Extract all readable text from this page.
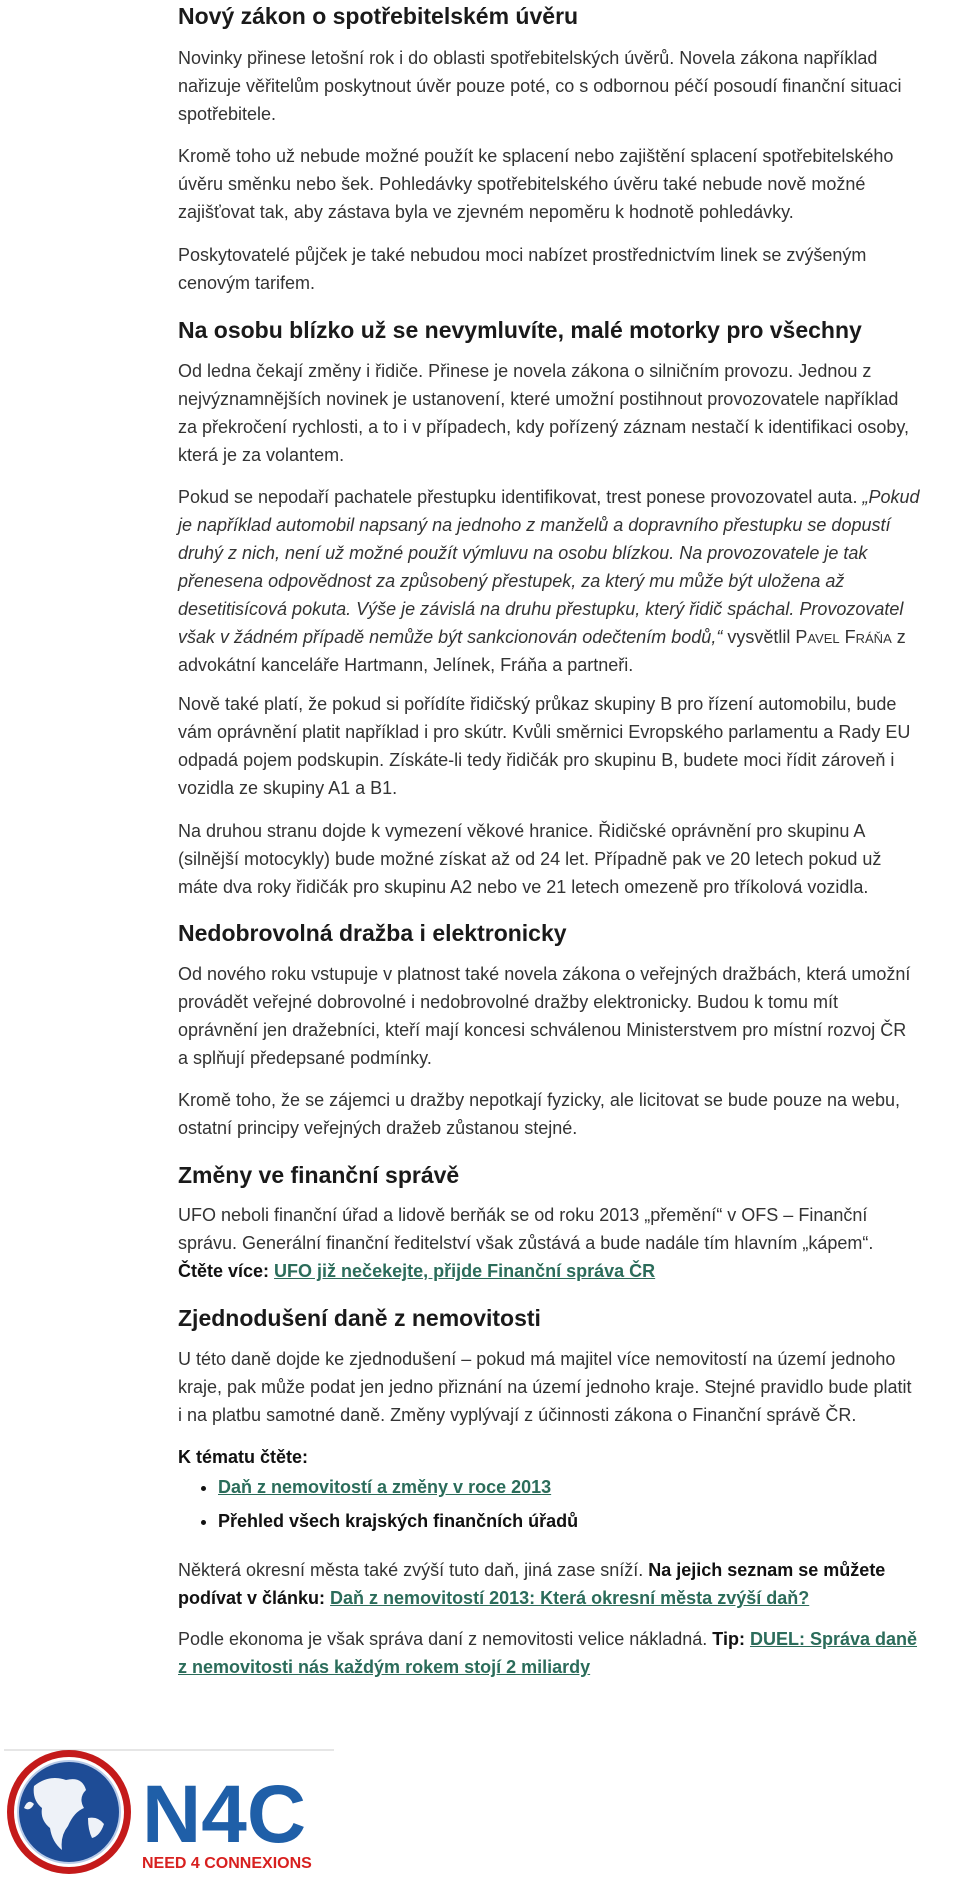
Nový zákon o spotřebitelském úvěru

Novinky přinese letošní rok i do oblasti spotřebitelských úvěrů. Novela zákona například nařizuje věřitelům poskytnout úvěr pouze poté, co s odbornou péčí posoudí finanční situaci spotřebitele.

Kromě toho už nebude možné použít ke splacení nebo zajištění splacení spotřebitelského úvěru směnku nebo šek. Pohledávky spotřebitelského úvěru také nebude nově možné zajišťovat tak, aby zástava byla ve zjevném nepoměru k hodnotě pohledávky.

Poskytovatelé půjček je také nebudou moci nabízet prostřednictvím linek se zvýšeným cenovým tarifem.

Na osobu blízko už se nevymluvíte, malé motorky pro všechny

Od ledna čekají změny i řidiče. Přinese je novela zákona o silničním provozu. Jednou z nejvýznamnějších novinek je ustanovení, které umožní postihnout provozovatele například za překročení rychlosti, a to i v případech, kdy pořízený záznam nestačí k identifikaci osoby, která je za volantem.

Pokud se nepodaří pachatele přestupku identifikovat, trest ponese provozovatel auta. „Pokud je například automobil napsaný na jednoho z manželů a dopravního přestupku se dopustí druhý z nich, není už možné použít výmluvu na osobu blízkou. Na provozovatele je tak přenesena odpovědnost za způsobený přestupek, za který mu může být uložena až desetitisícová pokuta. Výše je závislá na druhu přestupku, který řidič spáchal. Provozovatel však v žádném případě nemůže být sankcionován odečtením bodů,“ vysvětlil Pavel Fráňa z advokátní kanceláře Hartmann, Jelínek, Fráňa a partneři.

Nově také platí, že pokud si pořídíte řidičský průkaz skupiny B pro řízení automobilu, bude vám oprávnění platit například i pro skútr. Kvůli směrnici Evropského parlamentu a Rady EU odpadá pojem podskupin. Získáte-li tedy řidičák pro skupinu B, budete moci řídit zároveň i vozidla ze skupiny A1 a B1.

Na druhou stranu dojde k vymezení věkové hranice. Řidičské oprávnění pro skupinu A (silnější motocykly) bude možné získat až od 24 let. Případně pak ve 20 letech pokud už máte dva roky řidičák pro skupinu A2 nebo ve 21 letech omezeně pro tříkolová vozidla.

Nedobrovolná dražba i elektronicky

Od nového roku vstupuje v platnost také novela zákona o veřejných dražbách, která umožní provádět veřejné dobrovolné i nedobrovolné dražby elektronicky. Budou k tomu mít oprávnění jen dražebníci, kteří mají koncesi schválenou Ministerstvem pro místní rozvoj ČR a splňují předepsané podmínky.

Kromě toho, že se zájemci u dražby nepotkají fyzicky, ale licitovat se bude pouze na webu, ostatní principy veřejných dražeb zůstanou stejné.

Změny ve finanční správě

UFO neboli finanční úřad a lidově berňák se od roku 2013 „přemění“ v OFS – Finanční správu. Generální finanční ředitelství však zůstává a bude nadále tím hlavním „kápem“. Čtěte více: UFO již nečekejte, přijde Finanční správa ČR

Zjednodušení daně z nemovitosti

U této daně dojde ke zjednodušení – pokud má majitel více nemovitostí na území jednoho kraje, pak může podat jen jedno přiznání na území jednoho kraje. Stejné pravidlo bude platit i na platbu samotné daně. Změny vyplývají z účinnosti zákona o Finanční správě ČR.

K tématu čtěte:

• Daň z nemovitostí a změny v roce 2013
• Přehled všech krajských finančních úřadů

Některá okresní města také zvýší tuto daň, jiná zase sníží. Na jejich seznam se můžete podívat v článku: Daň z nemovitostí 2013: Která okresní města zvýší daň?

Podle ekonoma je však správa daní z nemovitosti velice nákladná. Tip: DUEL: Správa daně z nemovitosti nás každým rokem stojí 2 miliardy

N4C
NEED 4 CONNEXIONS
